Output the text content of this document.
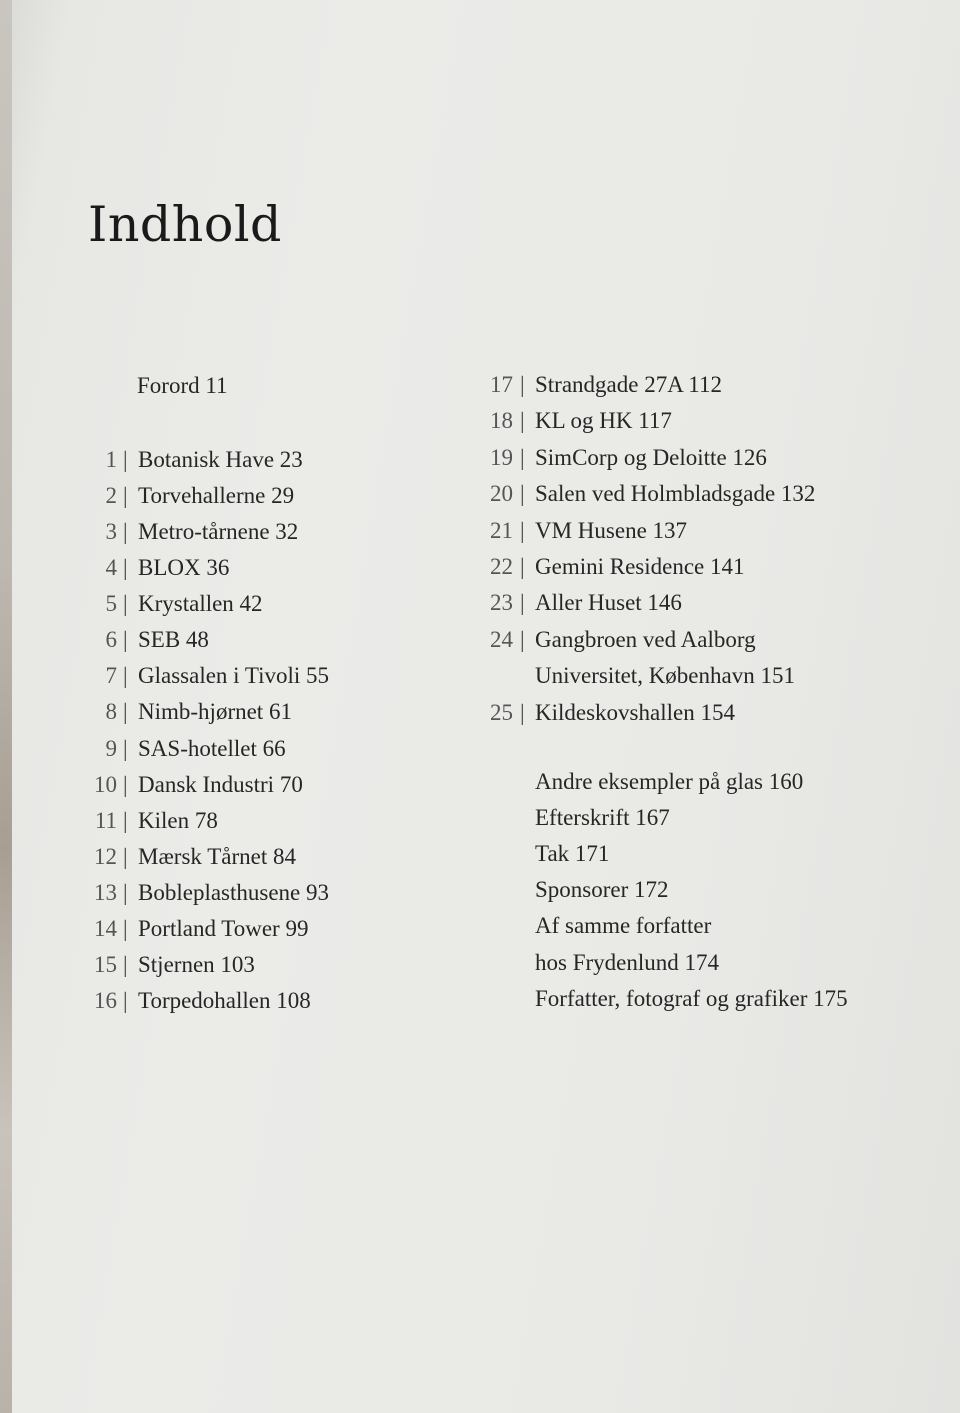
Indhold
Forord 11
1 | Botanisk Have 23
2 | Torvehallerne 29
3 | Metro-tårnene 32
4 | BLOX 36
5 | Krystallen 42
6 | SEB 48
7 | Glassalen i Tivoli 55
8 | Nimb-hjørnet 61
9 | SAS-hotellet 66
10 | Dansk Industri 70
11 | Kilen 78
12 | Mærsk Tårnet 84
13 | Bobleplasthusene 93
14 | Portland Tower 99
15 | Stjernen 103
16 | Torpedohallen 108
17 | Strandgade 27A 112
18 | KL og HK 117
19 | SimCorp og Deloitte 126
20 | Salen ved Holmbladsgade 132
21 | VM Husene 137
22 | Gemini Residence 141
23 | Aller Huset 146
24 | Gangbroen ved Aalborg
Universitet, København 151
25 | Kildeskovshallen 154
Andre eksempler på glas 160
Efterskrift 167
Tak 171
Sponsorer 172
Af samme forfatter
hos Frydenlund 174
Forfatter, fotograf og grafiker 175
